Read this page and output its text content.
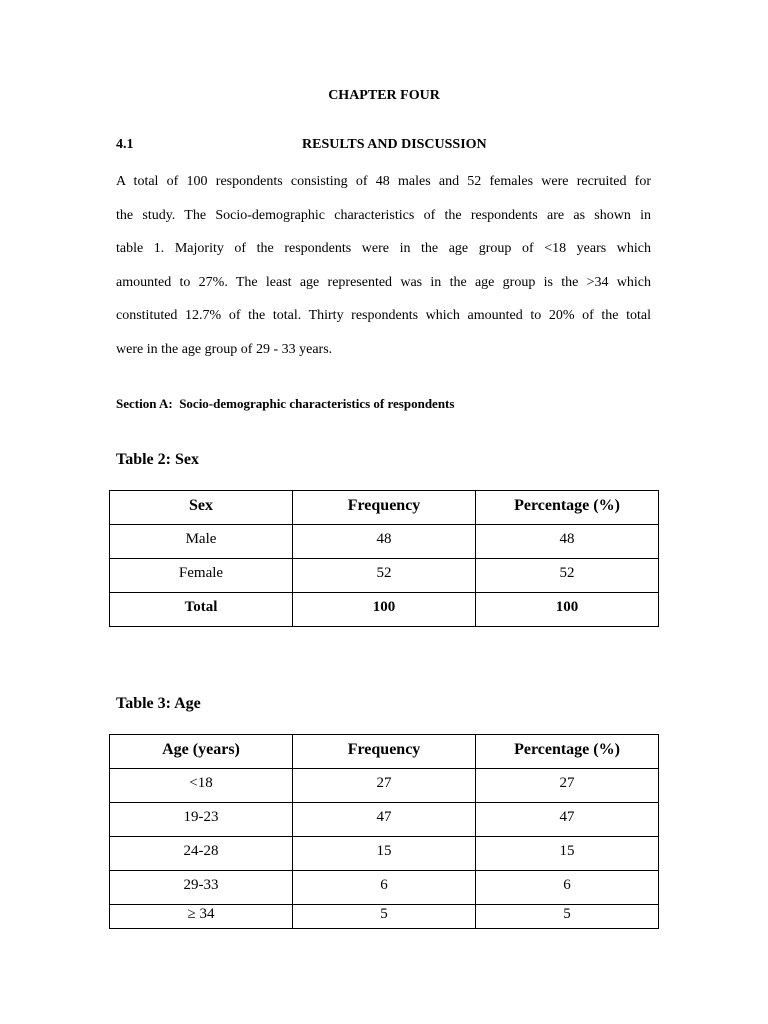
CHAPTER FOUR
4.1	RESULTS AND DISCUSSION

A total of 100 respondents consisting of 48 males and 52 females were recruited for
the study. The Socio-demographic characteristics of the respondents are as shown in
table 1. Majority of the respondents were in the age group of <18 years which
amounted to 27%. The least age represented was in the age group is the >34 which
constituted 12.7% of the total. Thirty respondents which amounted to 20% of the total
were in the age group of 29 - 33 years.

Section A:  Socio-demographic characteristics of respondents
Table 2: Sex
Sex	Frequency	Percentage (%)
Male	48	48
Female	52	52
Total	100	100
Table 3: Age
Age (years)	Frequency	Percentage (%)
<18	27	27
19-23	47	47
24-28	15	15
29-33	6	6
≥ 34	5	5
